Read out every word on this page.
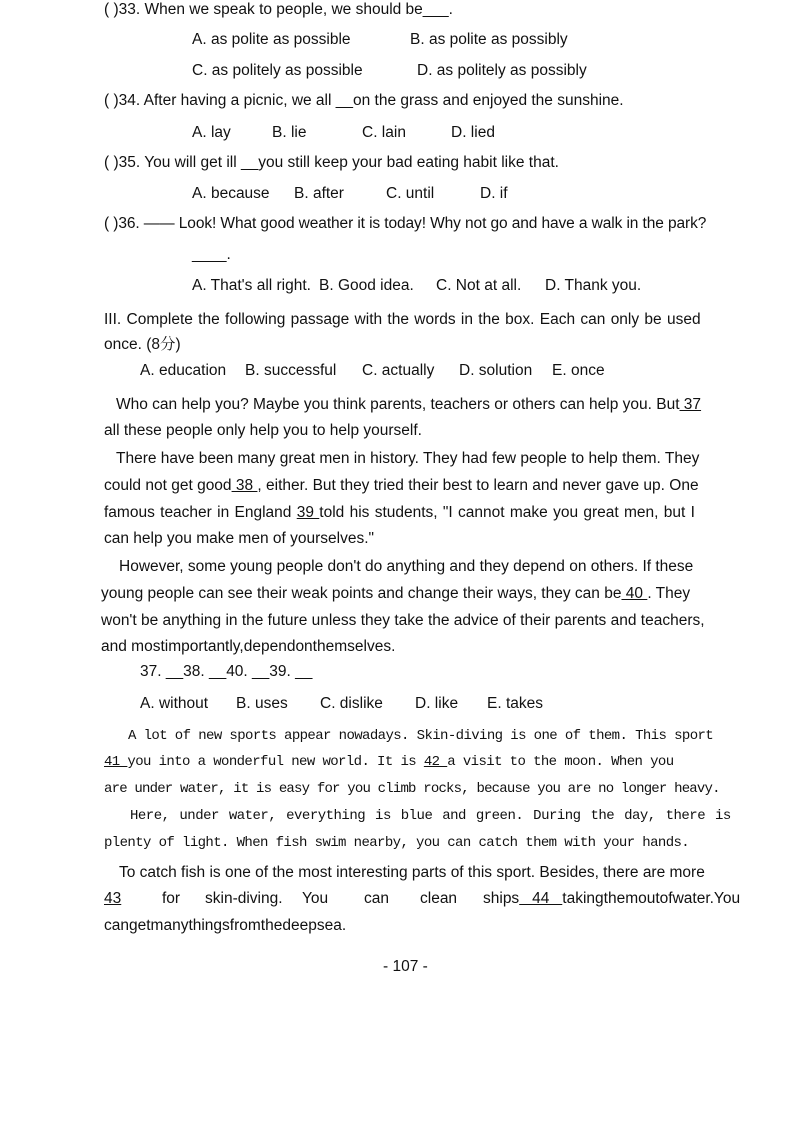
( )33. When we speak to people, we should be___.
A. as polite as possible	B. as polite as possibly
C. as politely as possible	D. as politely as possibly
( )34. After having a picnic, we all __on the grass and enjoyed the sunshine.
A. lay	B. lie	C. lain	D. lied
( )35. You will get ill __you still keep your bad eating habit like that.
A. because B. after	C. until	D. if
( )36. —— Look! What good weather it is today! Why not go and have a walk in the park?
____.
A. That's all right. B. Good idea. C. Not at all. D. Thank you.
III. Complete the following passage with the words in the box. Each can only be used
once. (8分)
A. education B. successful C. actually D. solution E. once
Who can help you? Maybe you think parents, teachers or others can help you. But 37
all these people only help you to help yourself.
There have been many great men in history. They had few people to help them. They
could not get good 38 , either. But they tried their best to learn and never gave up. One
famous teacher in England 39 told his students, "I cannot make you great men, but I
can help you make men of yourselves."
However, some young people don't do anything and they depend on others. If these
young people can see their weak points and change their ways, they can be 40 . They
won't be anything in the future unless they take the advice of their parents and teachers,
and mostimportantly,dependonthemselves.
37. __38. __40. __39. __
A. without B. uses C. dislike D. like E. takes
A lot of new sports appear nowadays. Skin-diving is one of them. This sport
41 you into a wonderful new world. It is 42 a visit to the moon. When you
are under water, it is easy for you climb rocks, because you are no longer heavy.
Here, under water, everything is blue and green. During the day, there is
plenty of light. When fish swim nearby, you can catch them with your hands.
To catch fish is one of the most interesting parts of this sport. Besides, there are more
43	for skin-diving. You can clean ships   44   takingthemoutofwater.You
cangetmanythingsfromthedeepsea.
- 107 -
